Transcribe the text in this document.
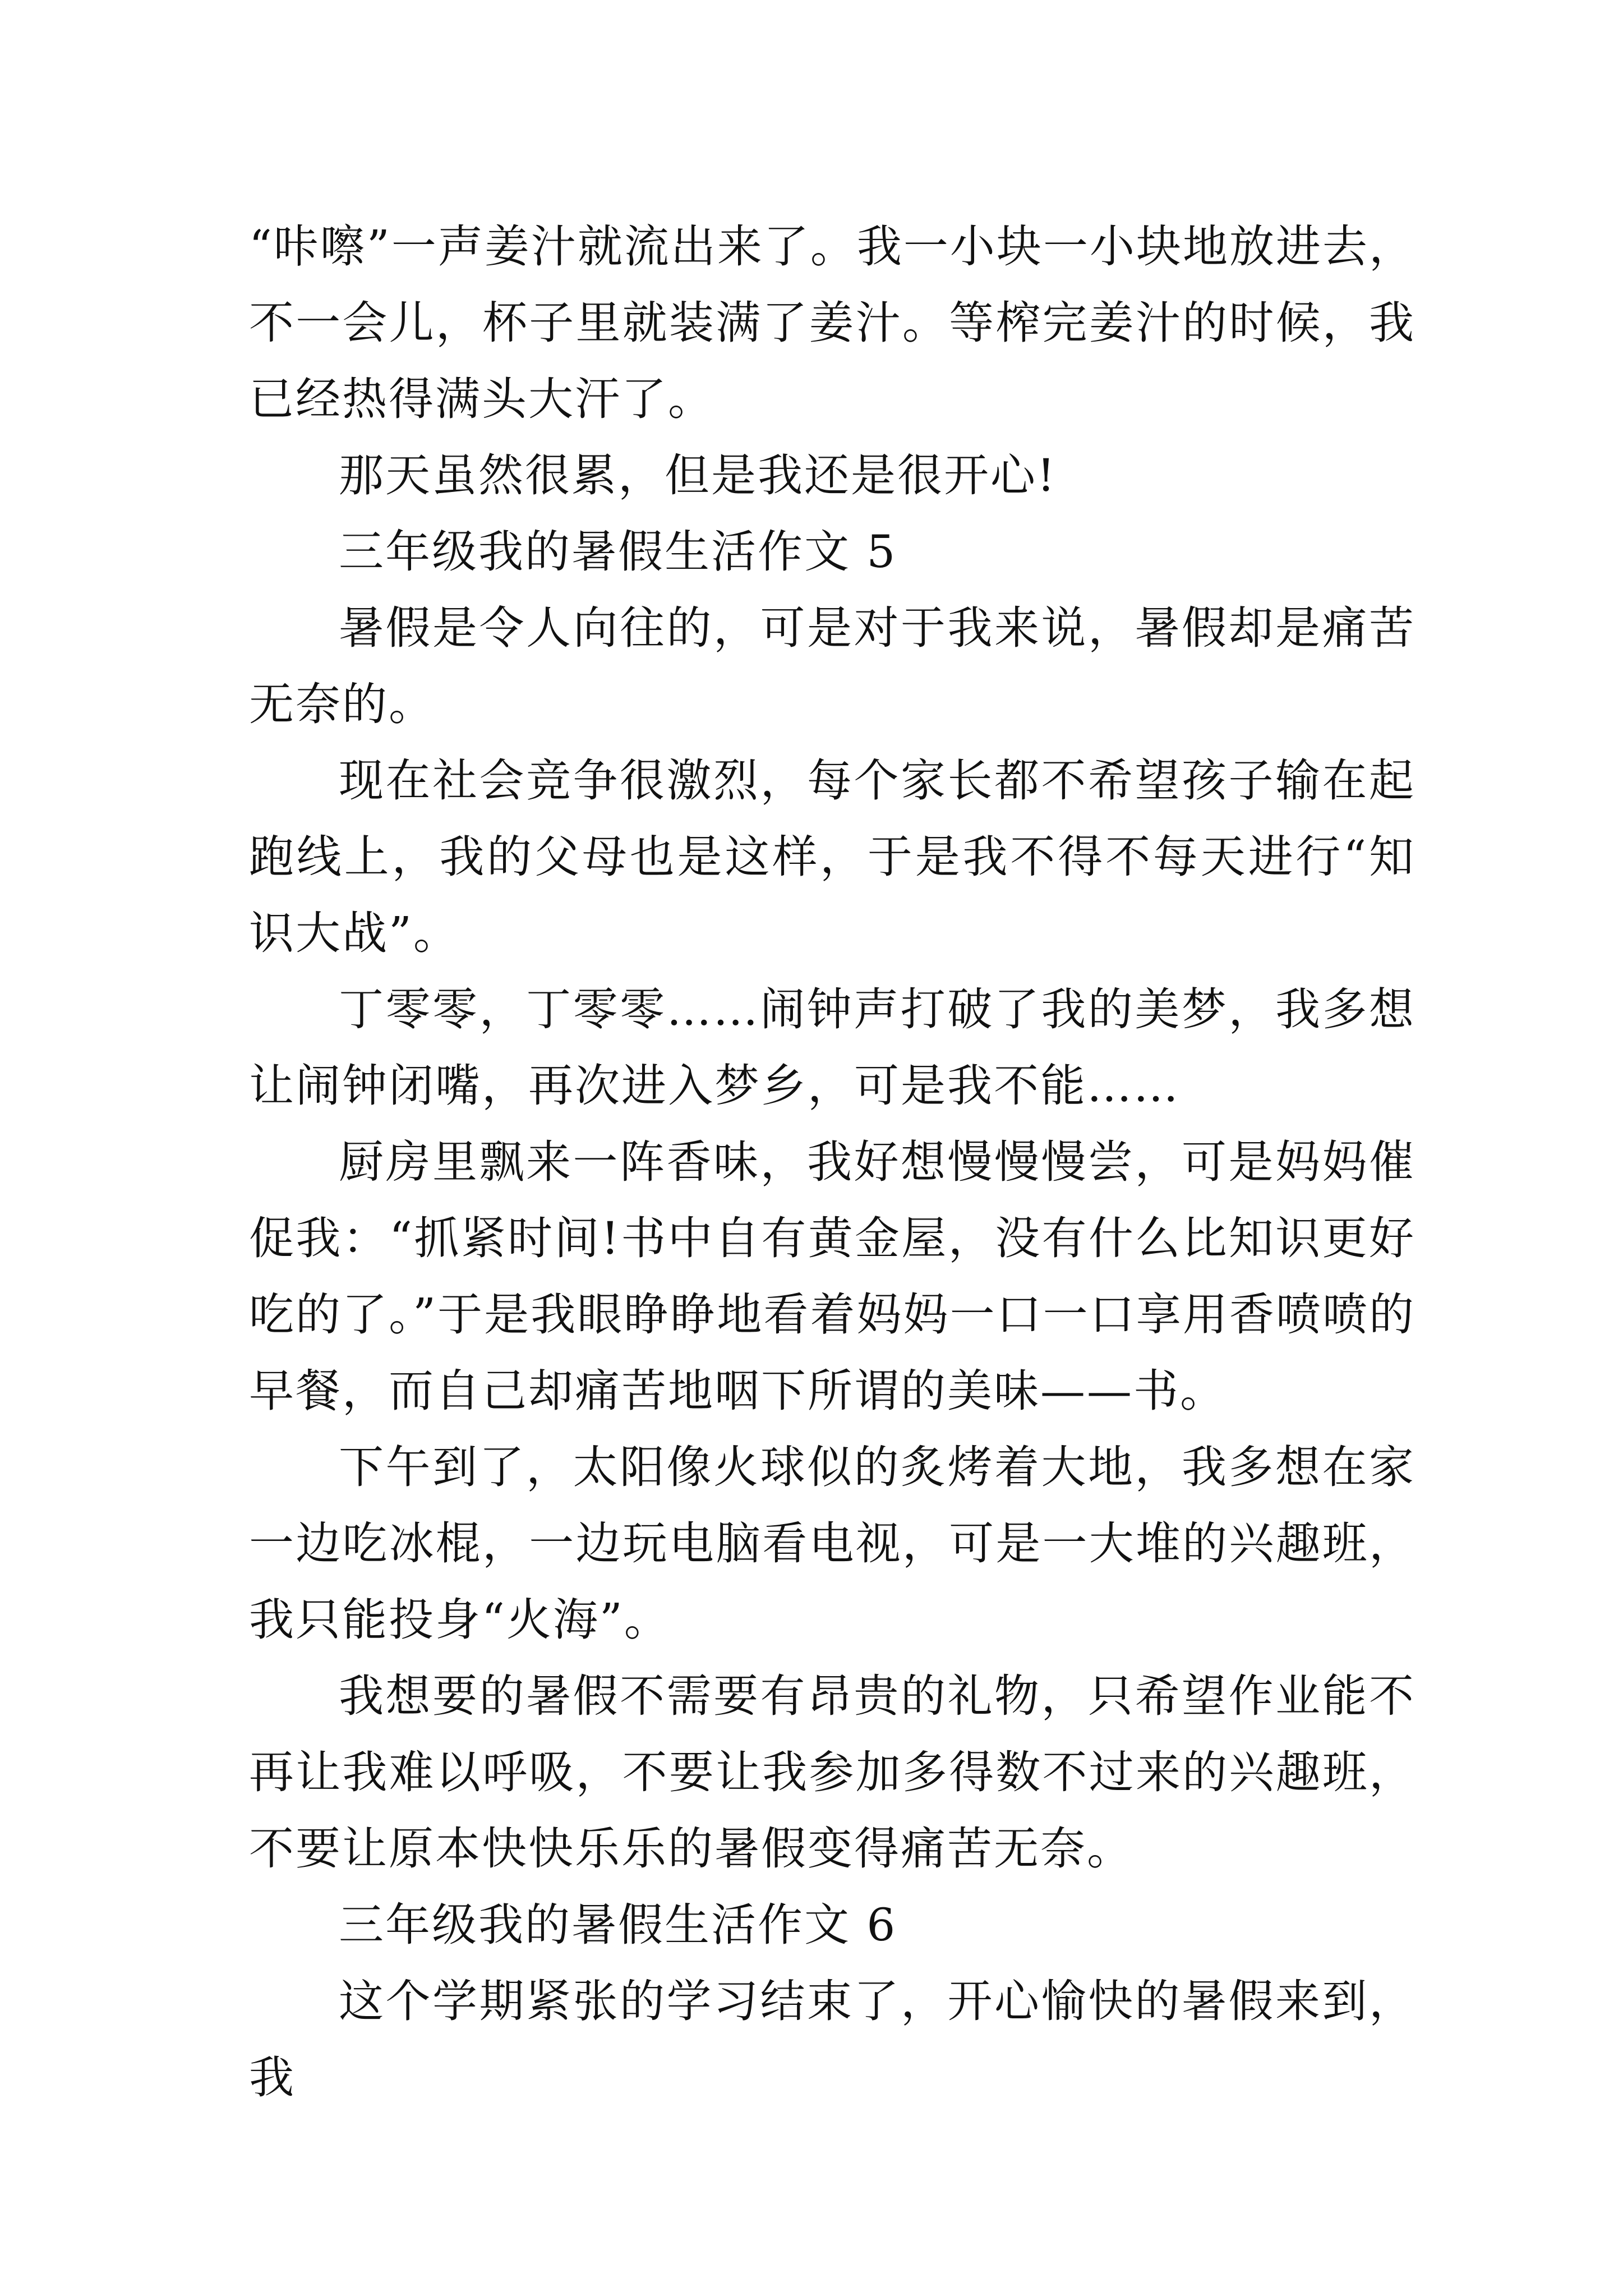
“咔嚓”一声姜汁就流出来了。我一小块一小块地放进去，不一会儿，杯子里就装满了姜汁。等榨完姜汁的时候，我已经热得满头大汗了。

那天虽然很累，但是我还是很开心!

三年级我的暑假生活作文 5

暑假是令人向往的，可是对于我来说，暑假却是痛苦无奈的。

现在社会竞争很激烈，每个家长都不希望孩子输在起跑线上，我的父母也是这样，于是我不得不每天进行“知识大战”。

丁零零，丁零零……闹钟声打破了我的美梦，我多想让闹钟闭嘴，再次进入梦乡，可是我不能……

厨房里飘来一阵香味，我好想慢慢慢尝，可是妈妈催促我：“抓紧时间!书中自有黄金屋，没有什么比知识更好吃的了。”于是我眼睁睁地看着妈妈一口一口享用香喷喷的早餐，而自己却痛苦地咽下所谓的美味——书。

下午到了，太阳像火球似的炙烤着大地，我多想在家一边吃冰棍，一边玩电脑看电视，可是一大堆的兴趣班，我只能投身“火海”。

我想要的暑假不需要有昂贵的礼物，只希望作业能不再让我难以呼吸，不要让我参加多得数不过来的兴趣班，不要让原本快快乐乐的暑假变得痛苦无奈。

三年级我的暑假生活作文 6

这个学期紧张的学习结束了，开心愉快的暑假来到，我
